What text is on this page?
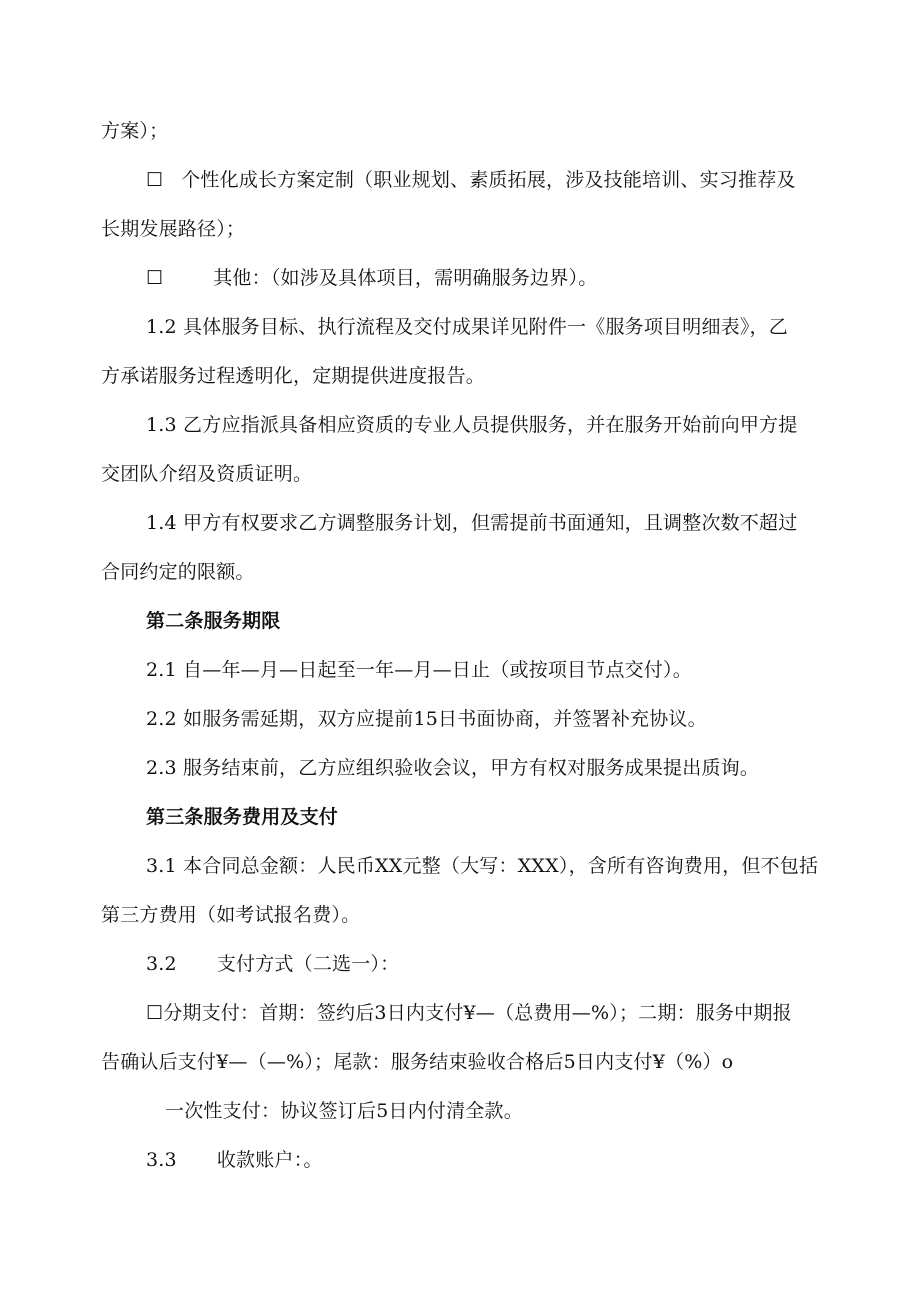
方案）；
☐ 个性化成长方案定制（职业规划、素质拓展，涉及技能培训、实习推荐及
长期发展路径）；
☐	其他：（如涉及具体项目，需明确服务边界）。
1.2 具体服务目标、执行流程及交付成果详见附件一《服务项目明细表》，乙
方承诺服务过程透明化，定期提供进度报告。
1.3 乙方应指派具备相应资质的专业人员提供服务，并在服务开始前向甲方提
交团队介绍及资质证明。
1.4 甲方有权要求乙方调整服务计划，但需提前书面通知，且调整次数不超过
合同约定的限额。
第二条服务期限
2.1 自—年—月—日起至一年—月—日止（或按项目节点交付）。
2.2 如服务需延期，双方应提前15日书面协商，并签署补充协议。
2.3 服务结束前，乙方应组织验收会议，甲方有权对服务成果提出质询。
第三条服务费用及支付
3.1 本合同总金额：人民币XX元整（大写：XXX），含所有咨询费用，但不包括
第三方费用（如考试报名费）。
3.2 支付方式（二选一）：
☐分期支付：首期：签约后3日内支付¥—（总费用—%）；二期：服务中期报
告确认后支付¥—（—%）；尾款：服务结束验收合格后5日内支付¥（%）o
一次性支付：协议签订后5日内付清全款。
3.3 收款账户：。
